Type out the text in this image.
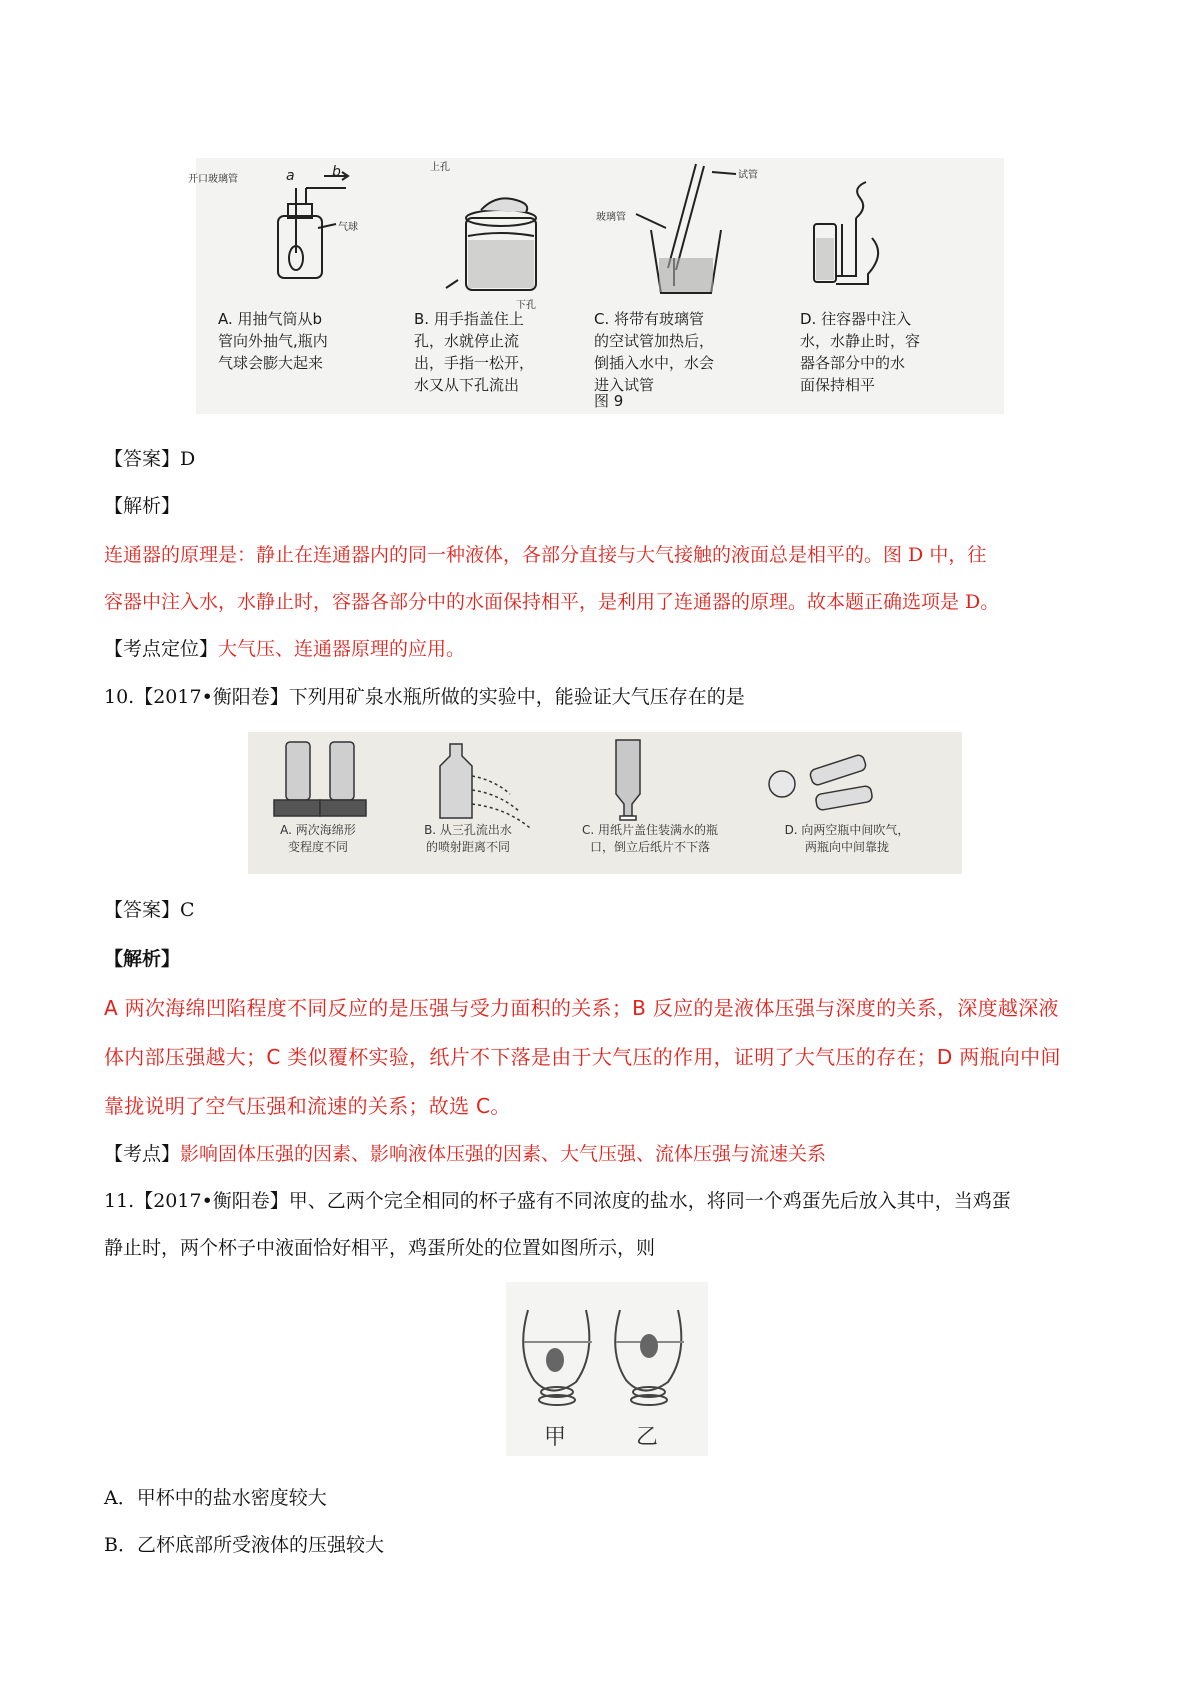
开口玻璃管	a	b
气球
上孔
下孔
试管
玻璃管
A. 用抽气筒从b
管向外抽气,瓶内
气球会膨大起来
B. 用手指盖住上
孔，水就停止流
出，手指一松开，
水又从下孔流出
C. 将带有玻璃管
的空试管加热后，
倒插入水中，水会
进入试管
D. 往容器中注入
水，水静止时，容
器各部分中的水
面保持相平
图 9
【答案】D
【解析】
连通器的原理是：静止在连通器内的同一种液体，各部分直接与大气接触的液面总是相平的。图 D 中，往
容器中注入水，水静止时，容器各部分中的水面保持相平，是利用了连通器的原理。故本题正确选项是 D。
【考点定位】大气压、连通器原理的应用。
10.【2017•衡阳卷】下列用矿泉水瓶所做的实验中，能验证大气压存在的是
A. 两次海绵形
变程度不同
B. 从三孔流出水
的喷射距离不同
C. 用纸片盖住装满水的瓶
口，倒立后纸片不下落
D. 向两空瓶中间吹气，
两瓶向中间靠拢
【答案】C
【解析】
A 两次海绵凹陷程度不同反应的是压强与受力面积的关系；B 反应的是液体压强与深度的关系，深度越深液
体内部压强越大；C 类似覆杯实验，纸片不下落是由于大气压的作用，证明了大气压的存在；D 两瓶向中间
靠拢说明了空气压强和流速的关系；故选 C。
【考点】影响固体压强的因素、影响液体压强的因素、大气压强、流体压强与流速关系
11.【2017•衡阳卷】甲、乙两个完全相同的杯子盛有不同浓度的盐水，将同一个鸡蛋先后放入其中，当鸡蛋
静止时，两个杯子中液面恰好相平，鸡蛋所处的位置如图所示，则
甲	乙
A．甲杯中的盐水密度较大
B．乙杯底部所受液体的压强较大
